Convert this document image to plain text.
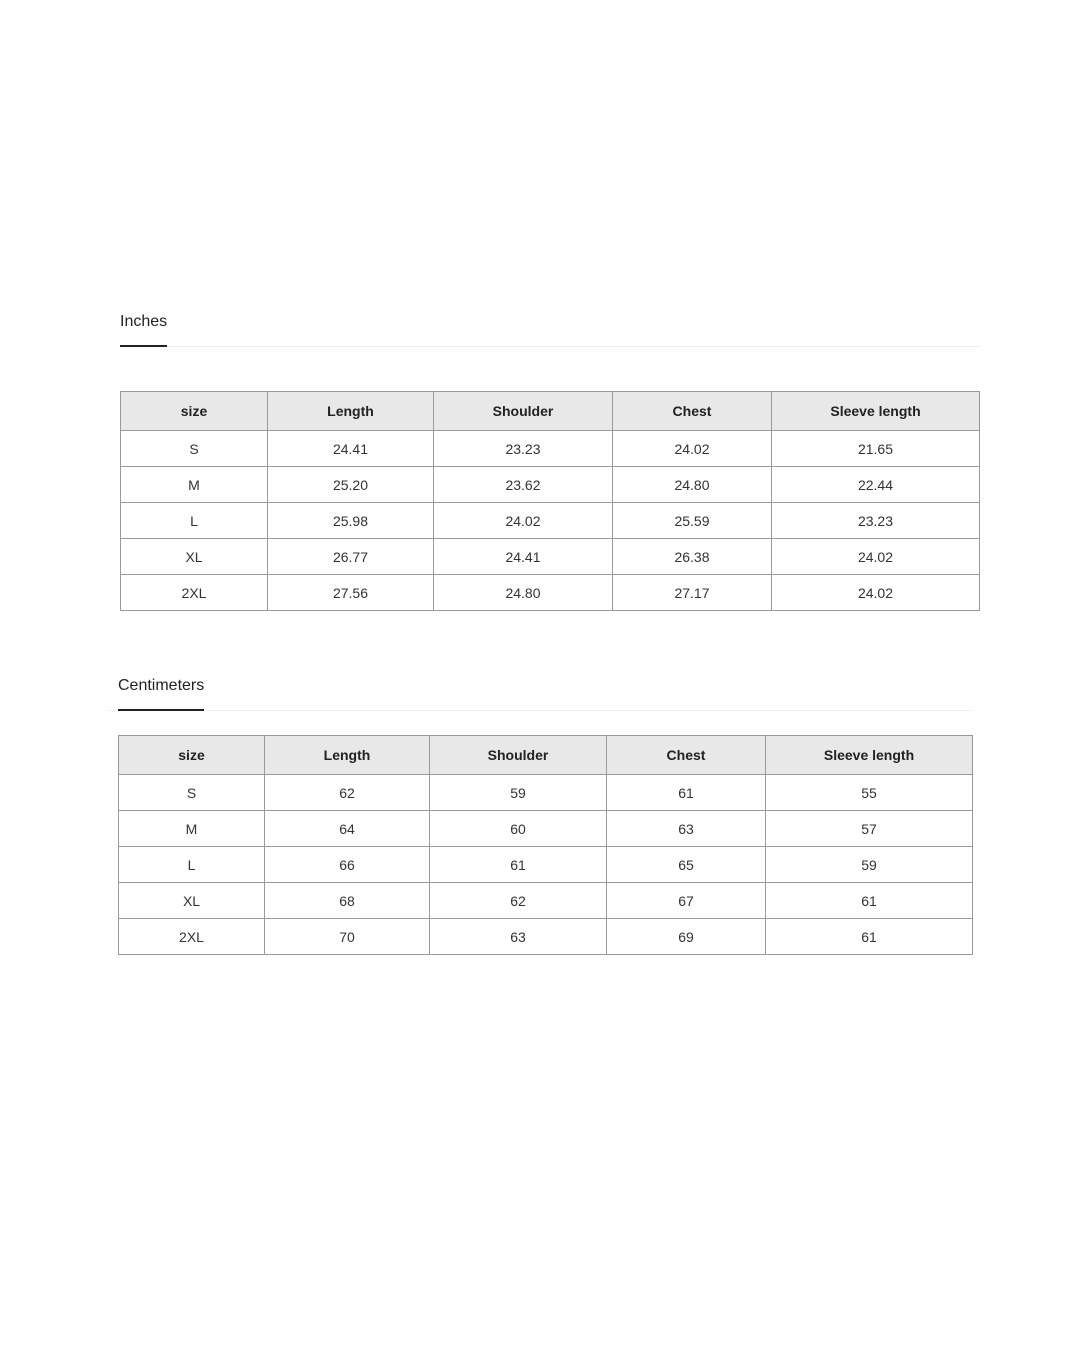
Inches
size	Length	Shoulder	Chest	Sleeve length
S	24.41	23.23	24.02	21.65
M	25.20	23.62	24.80	22.44
L	25.98	24.02	25.59	23.23
XL	26.77	24.41	26.38	24.02
2XL	27.56	24.80	27.17	24.02
Centimeters
size	Length	Shoulder	Chest	Sleeve length
S	62	59	61	55
M	64	60	63	57
L	66	61	65	59
XL	68	62	67	61
2XL	70	63	69	61
